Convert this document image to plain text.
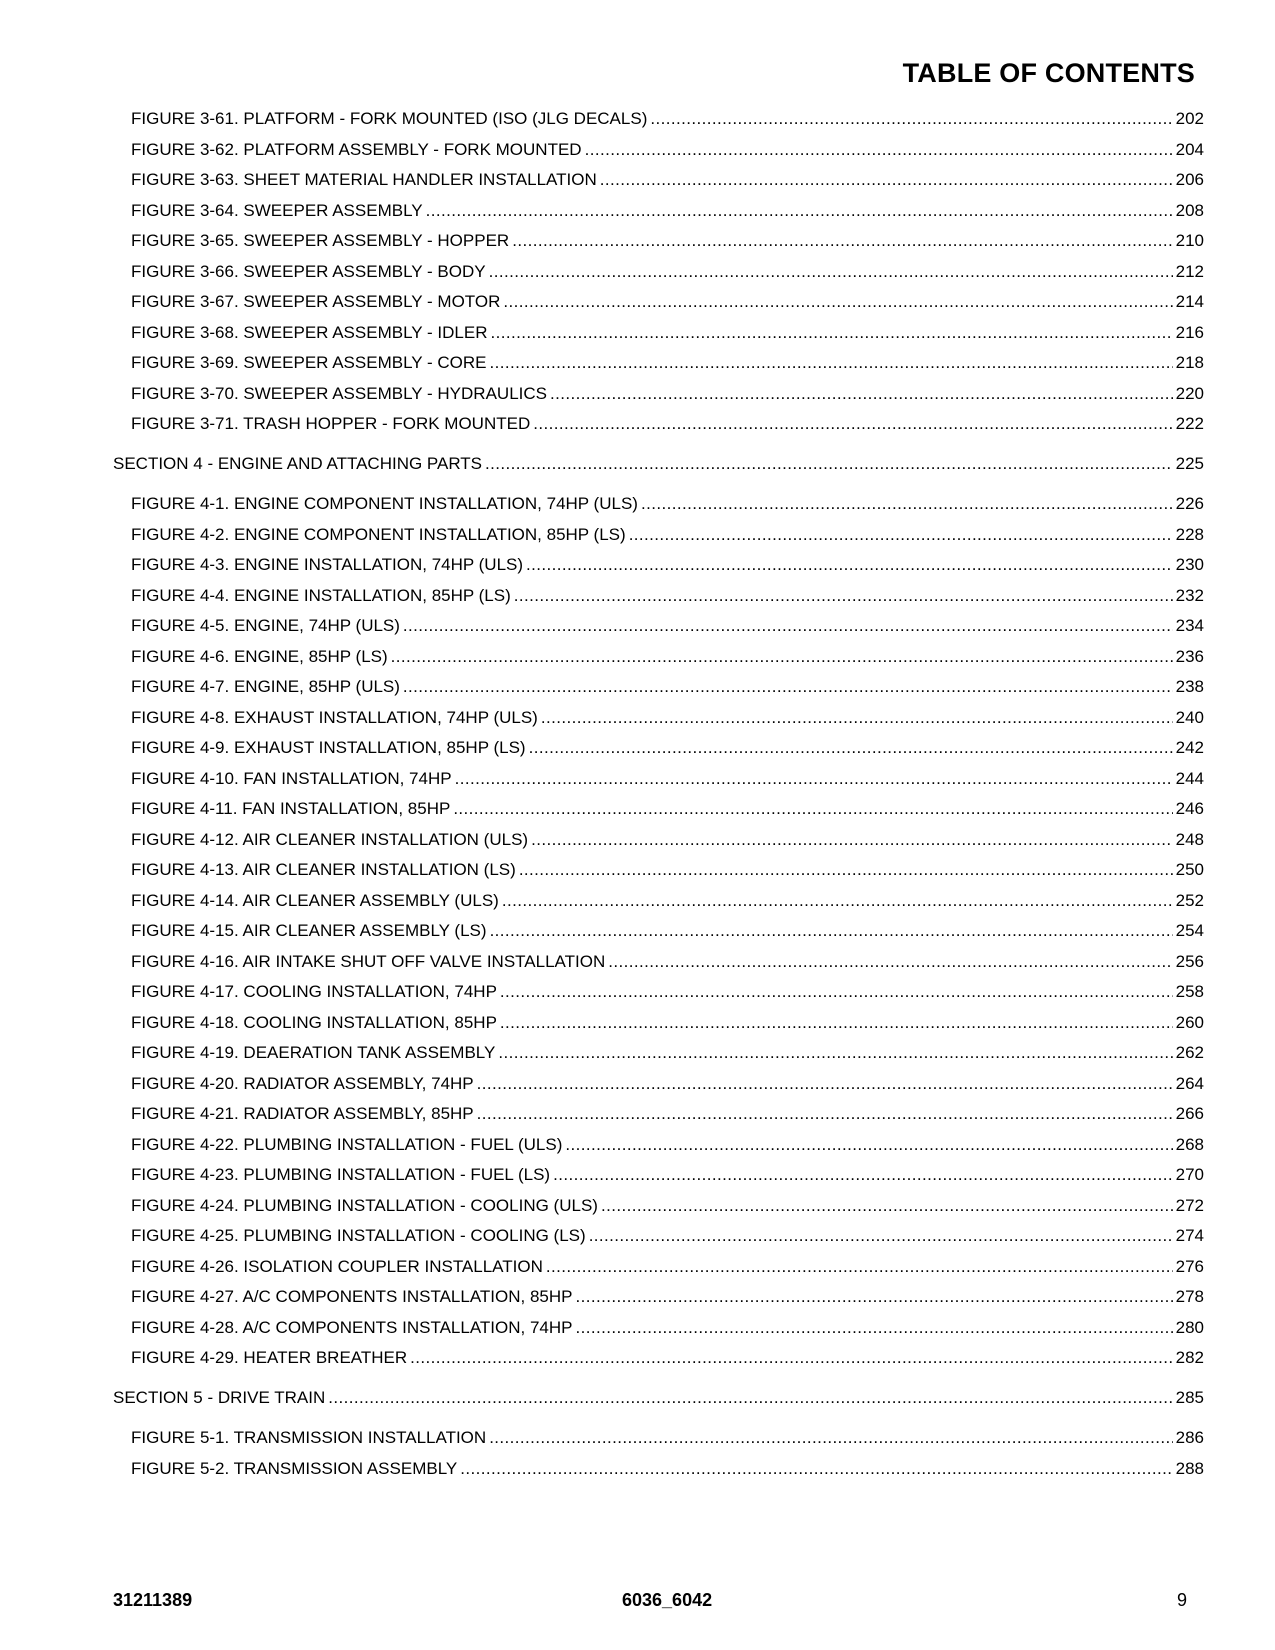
TABLE OF CONTENTS
FIGURE 3-61. PLATFORM - FORK MOUNTED (ISO (JLG DECALS) .....	202
FIGURE 3-62. PLATFORM ASSEMBLY - FORK MOUNTED .....	204
FIGURE 3-63. SHEET MATERIAL HANDLER INSTALLATION .....	206
FIGURE 3-64. SWEEPER ASSEMBLY .....	208
FIGURE 3-65. SWEEPER ASSEMBLY - HOPPER .....	210
FIGURE 3-66. SWEEPER ASSEMBLY - BODY .....	212
FIGURE 3-67. SWEEPER ASSEMBLY - MOTOR .....	214
FIGURE 3-68. SWEEPER ASSEMBLY - IDLER .....	216
FIGURE 3-69. SWEEPER ASSEMBLY - CORE .....	218
FIGURE 3-70. SWEEPER ASSEMBLY - HYDRAULICS .....	220
FIGURE 3-71. TRASH HOPPER - FORK MOUNTED .....	222
SECTION 4 - ENGINE AND ATTACHING PARTS .....	225
FIGURE 4-1. ENGINE COMPONENT INSTALLATION, 74HP (ULS) .....	226
FIGURE 4-2. ENGINE COMPONENT INSTALLATION, 85HP (LS) .....	228
FIGURE 4-3. ENGINE INSTALLATION, 74HP (ULS) .....	230
FIGURE 4-4. ENGINE INSTALLATION, 85HP (LS) .....	232
FIGURE 4-5. ENGINE, 74HP (ULS) .....	234
FIGURE 4-6. ENGINE, 85HP (LS) .....	236
FIGURE 4-7. ENGINE, 85HP (ULS) .....	238
FIGURE 4-8. EXHAUST INSTALLATION, 74HP (ULS) .....	240
FIGURE 4-9. EXHAUST INSTALLATION, 85HP (LS) .....	242
FIGURE 4-10. FAN INSTALLATION, 74HP .....	244
FIGURE 4-11. FAN INSTALLATION, 85HP .....	246
FIGURE 4-12. AIR CLEANER INSTALLATION (ULS) .....	248
FIGURE 4-13. AIR CLEANER INSTALLATION (LS) .....	250
FIGURE 4-14. AIR CLEANER ASSEMBLY (ULS) .....	252
FIGURE 4-15. AIR CLEANER ASSEMBLY (LS) .....	254
FIGURE 4-16. AIR INTAKE SHUT OFF VALVE INSTALLATION .....	256
FIGURE 4-17. COOLING INSTALLATION, 74HP .....	258
FIGURE 4-18. COOLING INSTALLATION, 85HP .....	260
FIGURE 4-19. DEAERATION TANK ASSEMBLY .....	262
FIGURE 4-20. RADIATOR ASSEMBLY, 74HP .....	264
FIGURE 4-21. RADIATOR ASSEMBLY, 85HP .....	266
FIGURE 4-22. PLUMBING INSTALLATION - FUEL (ULS) .....	268
FIGURE 4-23. PLUMBING INSTALLATION - FUEL (LS) .....	270
FIGURE 4-24. PLUMBING INSTALLATION - COOLING (ULS) .....	272
FIGURE 4-25. PLUMBING INSTALLATION - COOLING (LS) .....	274
FIGURE 4-26. ISOLATION COUPLER INSTALLATION .....	276
FIGURE 4-27. A/C COMPONENTS INSTALLATION, 85HP .....	278
FIGURE 4-28. A/C COMPONENTS INSTALLATION, 74HP .....	280
FIGURE 4-29. HEATER BREATHER .....	282
SECTION 5 - DRIVE TRAIN .....	285
FIGURE 5-1. TRANSMISSION INSTALLATION .....	286
FIGURE 5-2. TRANSMISSION ASSEMBLY .....	288
31211389	6036_6042	9
